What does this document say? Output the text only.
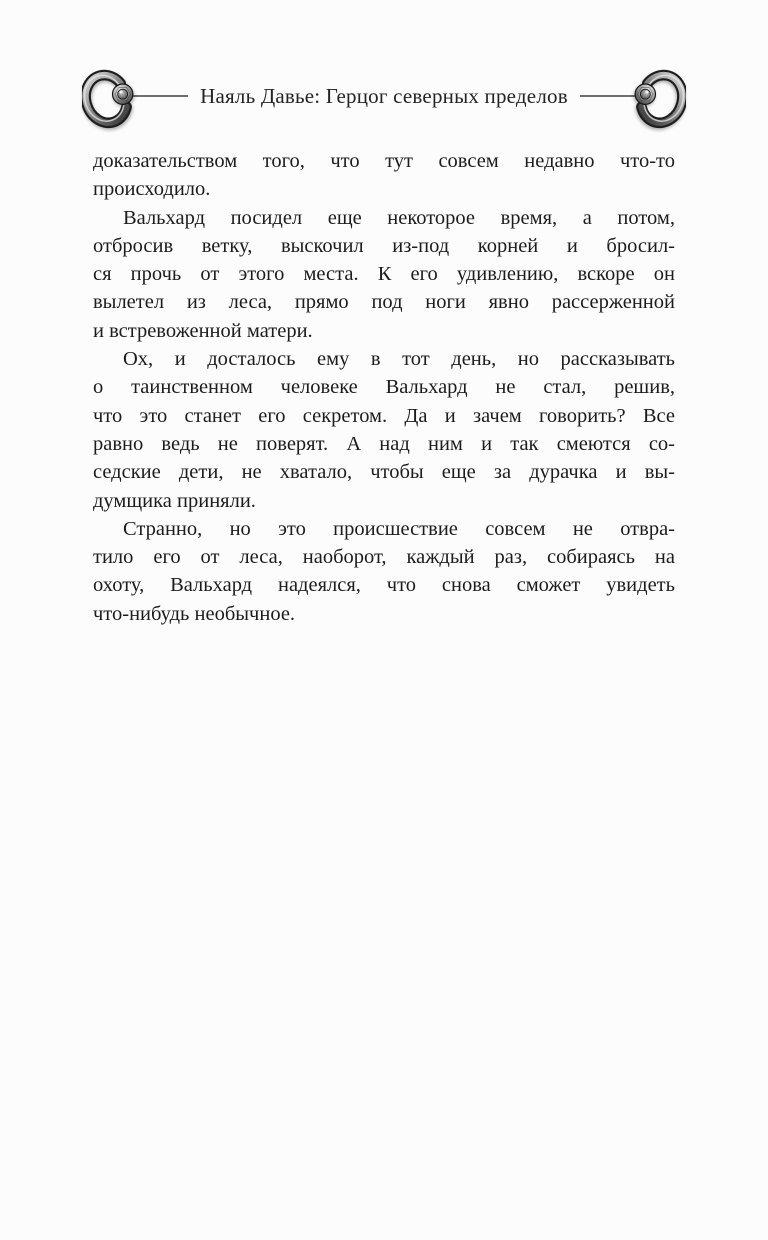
Наяль Давье: Герцог северных пределов
доказательством того, что тут совсем недавно что-то
происходило.
Вальхард посидел еще некоторое время, а потом,
отбросив ветку, выскочил из-под корней и бросил-
ся прочь от этого места. К его удивлению, вскоре он
вылетел из леса, прямо под ноги явно рассерженной
и встревоженной матери.
Ох, и досталось ему в тот день, но рассказывать
о таинственном человеке Вальхард не стал, решив,
что это станет его секретом. Да и зачем говорить? Все
равно ведь не поверят. А над ним и так смеются со-
седские дети, не хватало, чтобы еще за дурачка и вы-
думщика приняли.
Странно, но это происшествие совсем не отвра-
тило его от леса, наоборот, каждый раз, собираясь на
охоту, Вальхард надеялся, что снова сможет увидеть
что-нибудь необычное.
